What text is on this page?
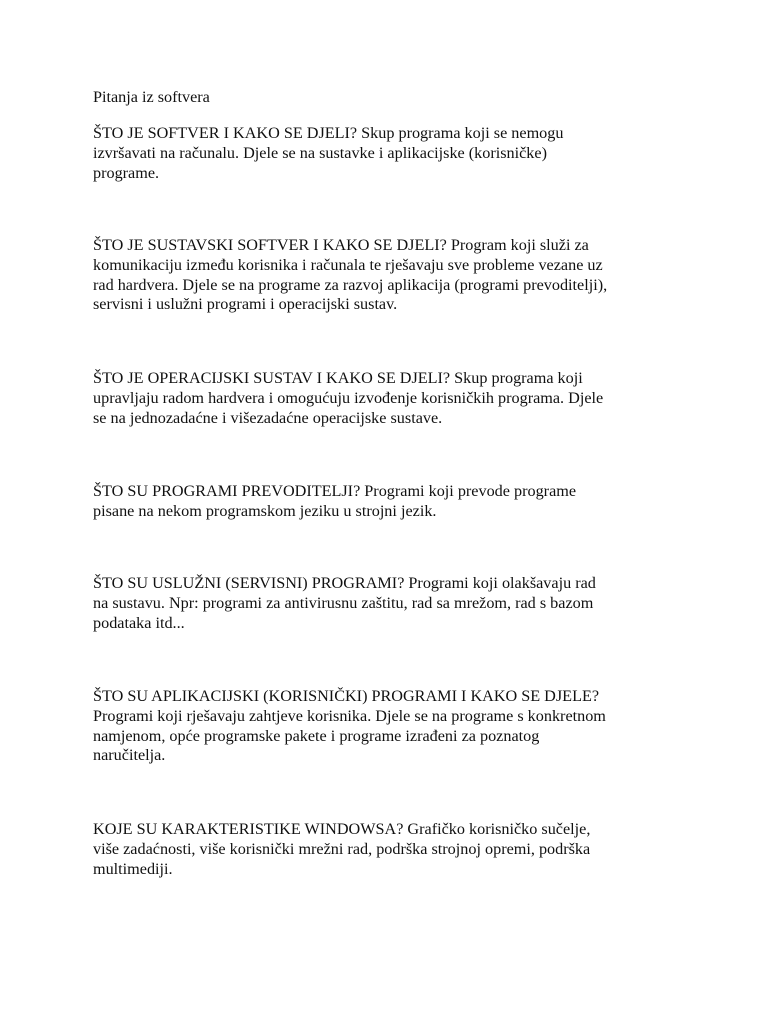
Pitanja iz softvera

ŠTO JE SOFTVER I KAKO SE DJELI? Skup programa koji se nemogu
izvršavati na računalu. Djele se na sustavke i aplikacijske (korisničke)
programe.

ŠTO JE SUSTAVSKI SOFTVER I KAKO SE DJELI? Program koji služi za
komunikaciju između korisnika i računala te rješavaju sve probleme vezane uz
rad hardvera. Djele se na programe za razvoj aplikacija (programi prevoditelji),
servisni i uslužni programi i operacijski sustav.

ŠTO JE OPERACIJSKI SUSTAV I KAKO SE DJELI? Skup programa koji
upravljaju radom hardvera i omogućuju izvođenje korisničkih programa. Djele
se na jednozadaćne i višezadaćne operacijske sustave.

ŠTO SU PROGRAMI PREVODITELJI? Programi koji prevode programe
pisane na nekom programskom jeziku u strojni jezik.

ŠTO SU USLUŽNI (SERVISNI) PROGRAMI? Programi koji olakšavaju rad
na sustavu. Npr: programi za antivirusnu zaštitu, rad sa mrežom, rad s bazom
podataka itd...

ŠTO SU APLIKACIJSKI (KORISNIČKI) PROGRAMI I KAKO SE DJELE?
Programi koji rješavaju zahtjeve korisnika. Djele se na programe s konkretnom
namjenom, opće programske pakete i programe izrađeni za poznatog
naručitelja.

KOJE SU KARAKTERISTIKE WINDOWSA? Grafičko korisničko sučelje,
više zadaćnosti, više korisnički mrežni rad, podrška strojnoj opremi, podrška
multimediji.
